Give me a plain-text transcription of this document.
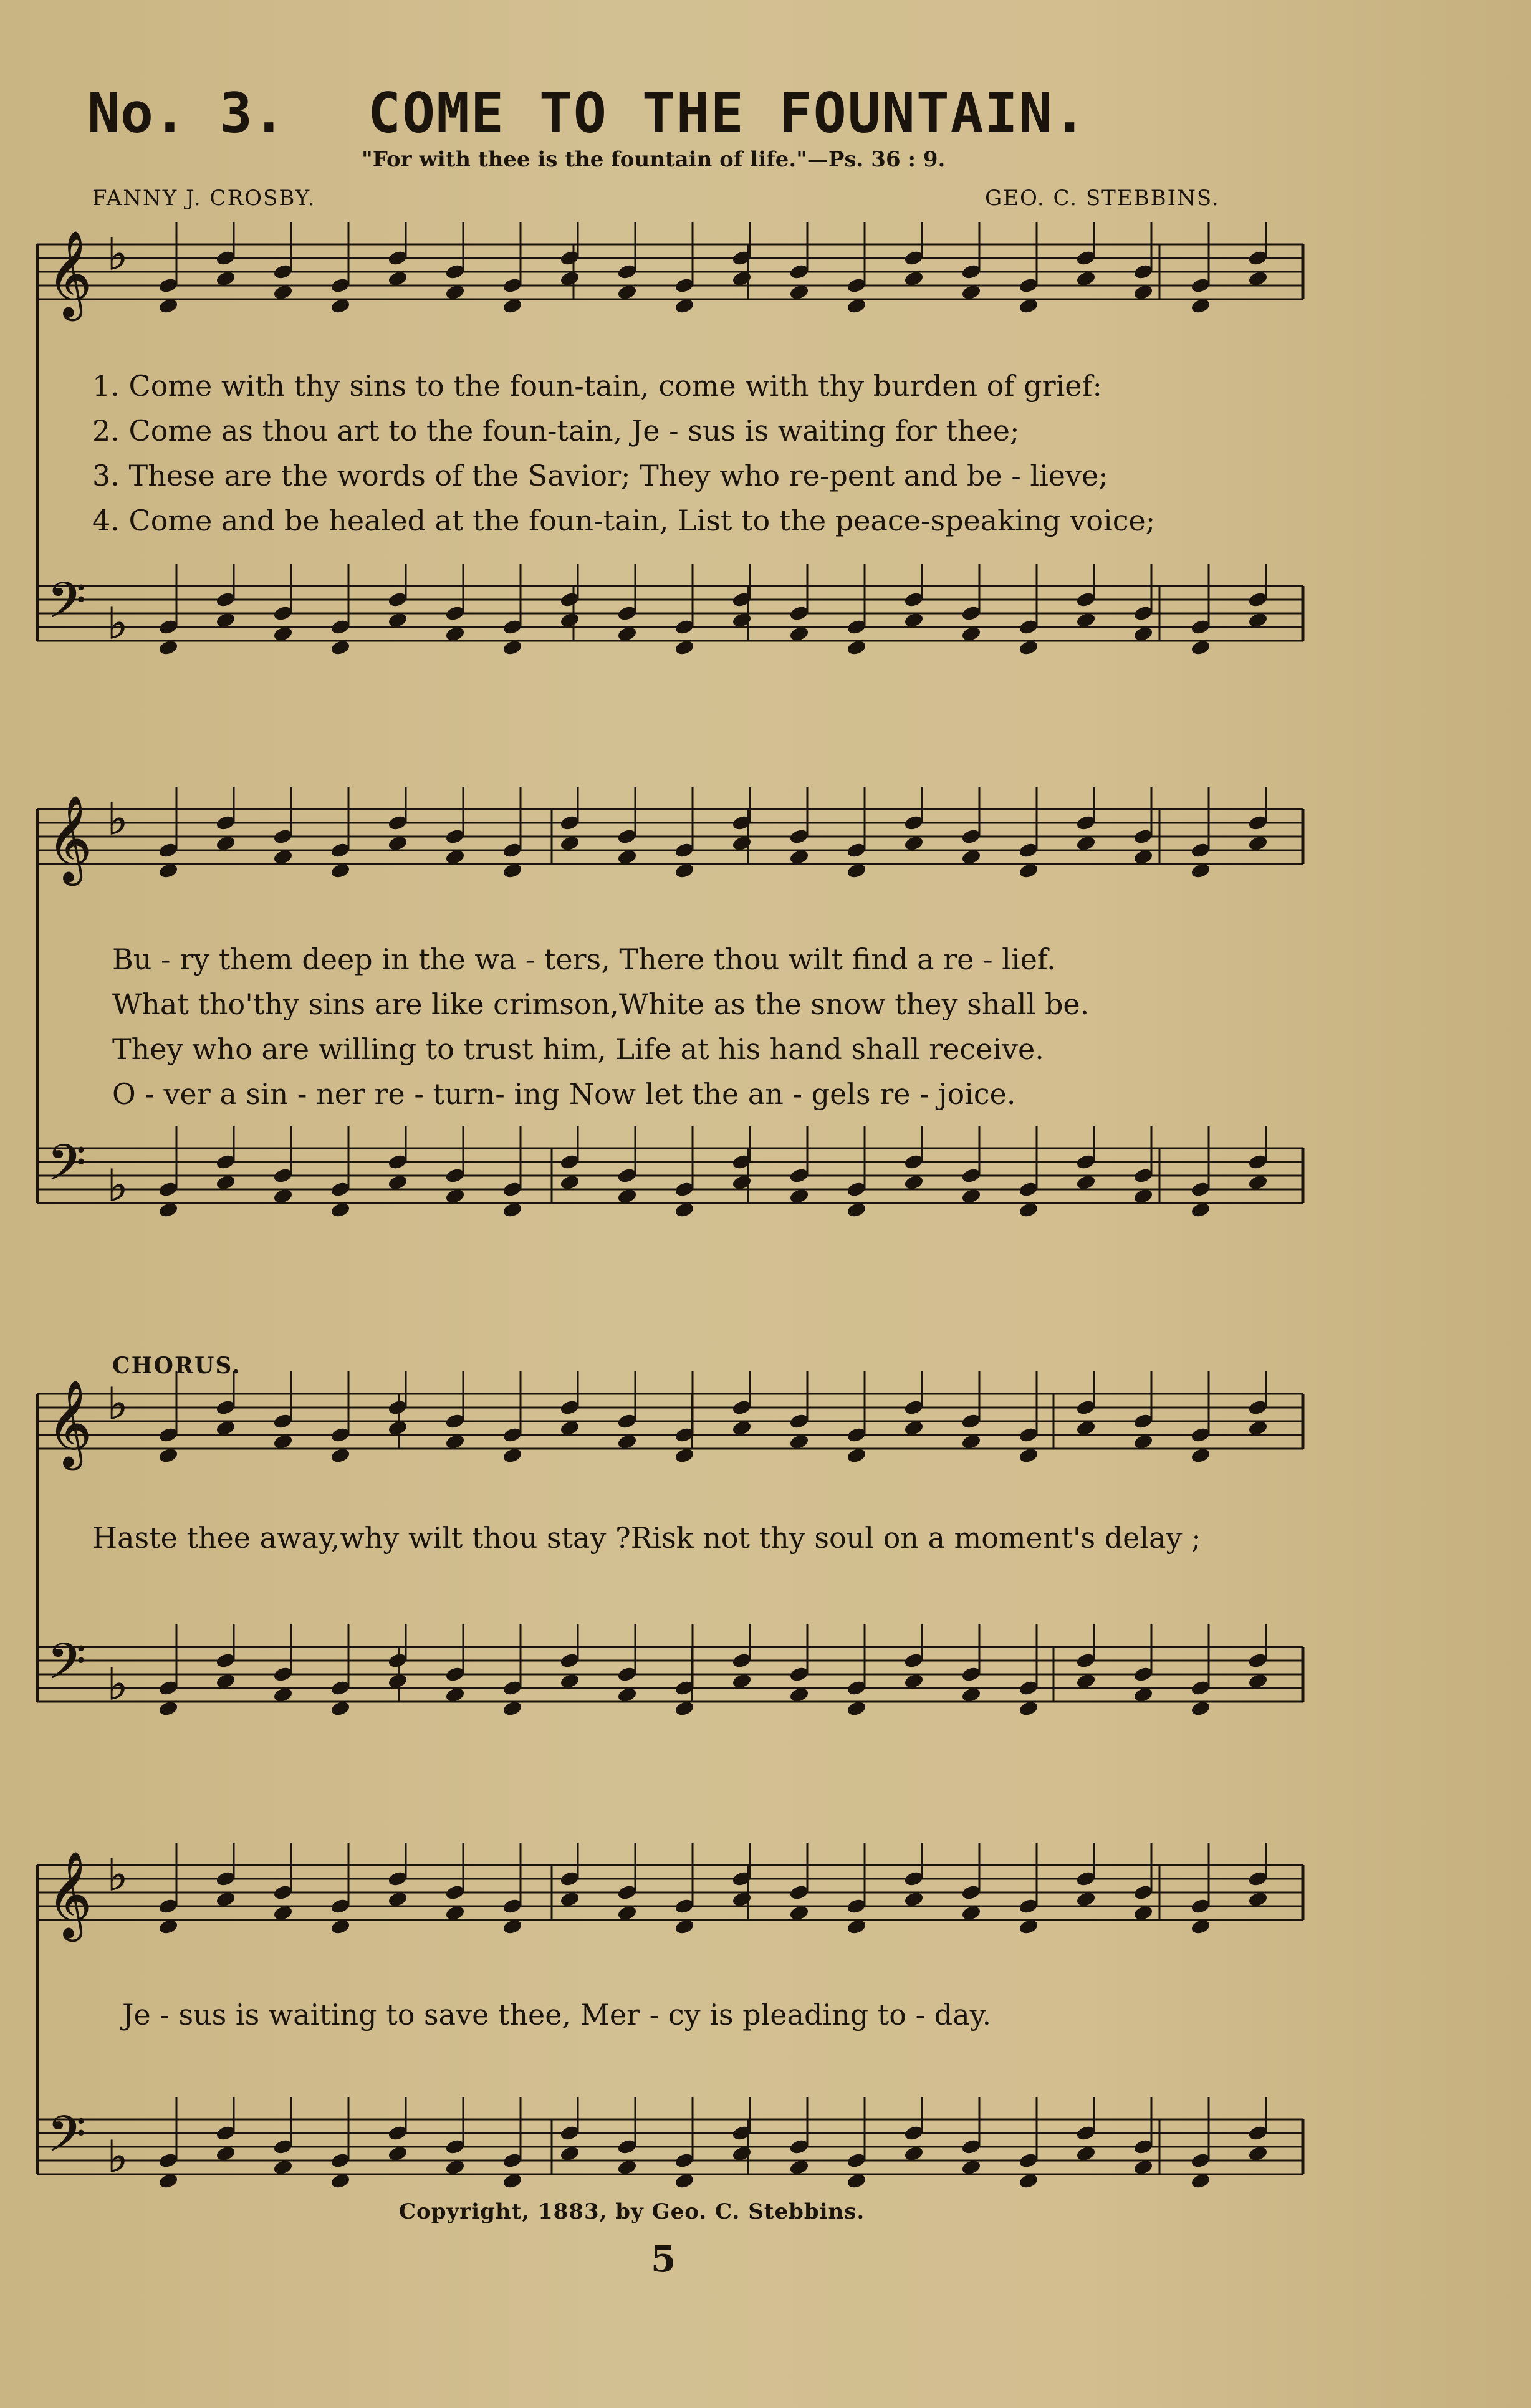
No. 3. COME TO THE FOUNTAIN.
"For with thee is the fountain of life."—Ps. 36 : 9.
FANNY J. CROSBY.	GEO. C. STEBBINS.
𝄞 ♭
𝄢 ♭
𝄞 ♭
𝄢 ♭
𝄞 ♭
𝄢 ♭
𝄞 ♭
𝄢 ♭
1. Come with thy sins to the foun-tain, come with thy burden of grief:
2. Come as thou art to the foun-tain, Je - sus is waiting for thee;
3. These are the words of the Savior; They who re-pent and be - lieve;
4. Come and be healed at the foun-tain, List to the peace-speaking voice;
Bu - ry them deep in the wa - ters, There thou wilt find a re - lief.
What tho'thy sins are like crimson,White as the snow they shall be.
They who are willing to trust him, Life at his hand shall receive.
O - ver a sin - ner re - turn- ing Now let the an - gels re - joice.
CHORUS.
Haste thee away,why wilt thou stay ?Risk not thy soul on a moment's delay ;
Je - sus is waiting to save thee, Mer - cy is pleading to - day.
Copyright, 1883, by Geo. C. Stebbins.
5
